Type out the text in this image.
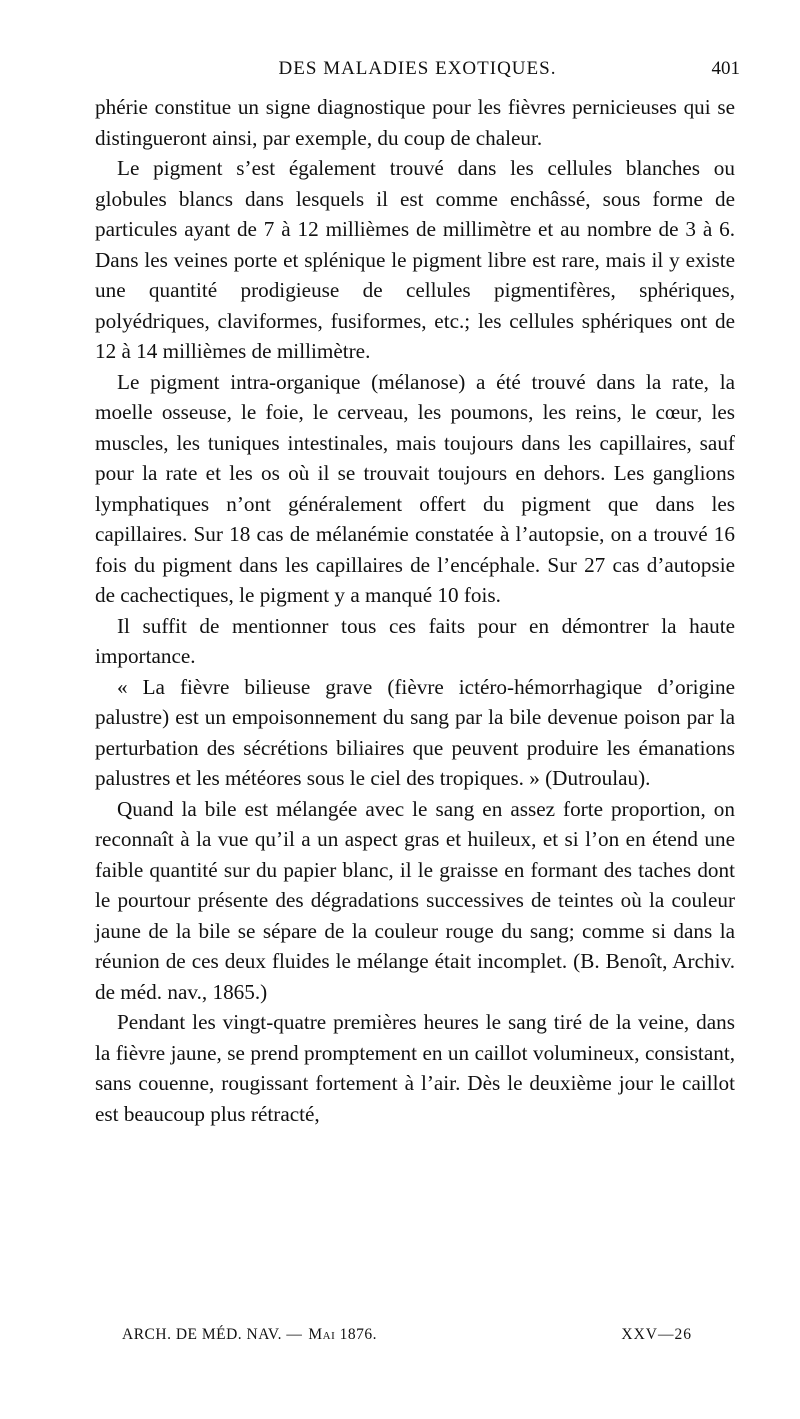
DES MALADIES EXOTIQUES.	401

phérie constitue un signe diagnostique pour les fièvres pernicieuses qui se distingueront ainsi, par exemple, du coup de chaleur.

Le pigment s’est également trouvé dans les cellules blanches ou globules blancs dans lesquels il est comme enchâssé, sous forme de particules ayant de 7 à 12 millièmes de millimètre et au nombre de 3 à 6. Dans les veines porte et splénique le pigment libre est rare, mais il y existe une quantité prodigieuse de cellules pigmentifères, sphériques, polyédriques, claviformes, fusiformes, etc.; les cellules sphériques ont de 12 à 14 millièmes de millimètre.

Le pigment intra-organique (mélanose) a été trouvé dans la rate, la moelle osseuse, le foie, le cerveau, les poumons, les reins, le cœur, les muscles, les tuniques intestinales, mais toujours dans les capillaires, sauf pour la rate et les os où il se trouvait toujours en dehors. Les ganglions lymphatiques n’ont généralement offert du pigment que dans les capillaires. Sur 18 cas de mélanémie constatée à l’autopsie, on a trouvé 16 fois du pigment dans les capillaires de l’encéphale. Sur 27 cas d’autopsie de cachectiques, le pigment y a manqué 10 fois.

Il suffit de mentionner tous ces faits pour en démontrer la haute importance.

« La fièvre bilieuse grave (fièvre ictéro-hémorrhagique d’origine palustre) est un empoisonnement du sang par la bile devenue poison par la perturbation des sécrétions biliaires que peuvent produire les émanations palustres et les météores sous le ciel des tropiques. » (Dutroulau).

Quand la bile est mélangée avec le sang en assez forte proportion, on reconnaît à la vue qu’il a un aspect gras et huileux, et si l’on en étend une faible quantité sur du papier blanc, il le graisse en formant des taches dont le pourtour présente des dégradations successives de teintes où la couleur jaune de la bile se sépare de la couleur rouge du sang; comme si dans la réunion de ces deux fluides le mélange était incomplet. (B. Benoît, Archiv. de méd. nav., 1865.)

Pendant les vingt-quatre premières heures le sang tiré de la veine, dans la fièvre jaune, se prend promptement en un caillot volumineux, consistant, sans couenne, rougissant fortement à l’air. Dès le deuxième jour le caillot est beaucoup plus rétracté,

ARCH. DE MÉD. NAV. — Mai 1876.	XXV—26
